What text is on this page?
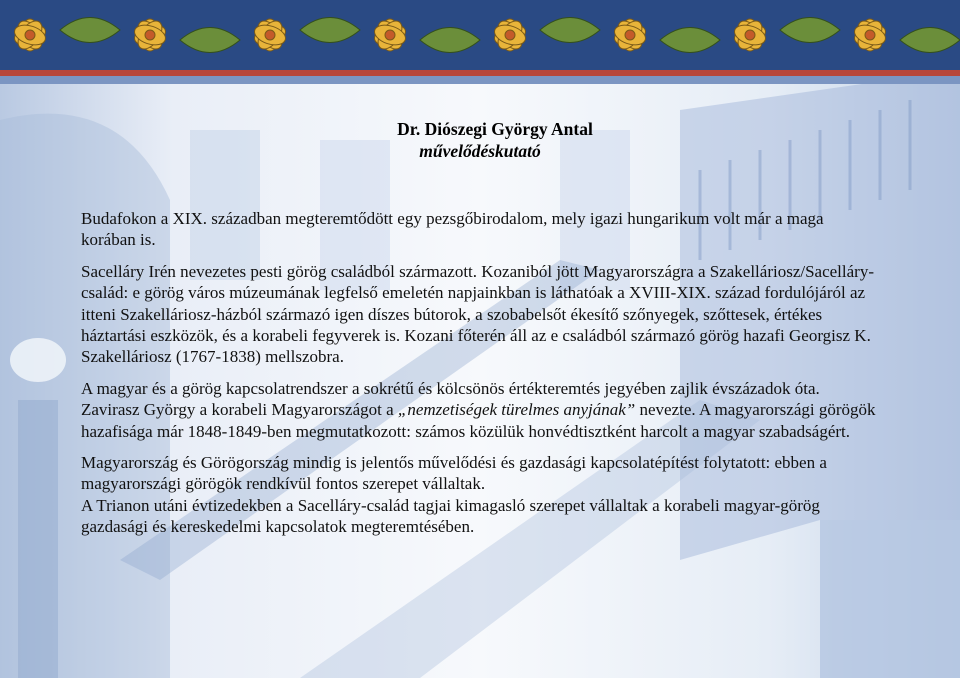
Dr. Diószegi György Antal
művelődéskutató

Budafokon a XIX. században megteremtődött egy pezsgőbirodalom, mely igazi hungarikum volt már a maga korában is.

Sacelláry Irén nevezetes pesti görög családból származott. Kozaniból jött Magyarországra a Szakelláriosz/Sacelláry-család: e görög város múzeumának legfelső emeletén napjainkban is láthatóak a XVIII-XIX. század fordulójáról az itteni Szakelláriosz-házból származó igen díszes bútorok, a szobabelsőt ékesítő szőnyegek, szőttesek, értékes háztartási eszközök, és a korabeli fegyverek is. Kozani főterén áll az e családból származó görög hazafi Georgisz K. Szakelláriosz (1767-1838) mellszobra.

A magyar és a görög kapcsolatrendszer a sokrétű és kölcsönös értékteremtés jegyében zajlik évszázadok óta. Zavirasz György a korabeli Magyarországot a „nemzetiségek türelmes anyjának” nevezte. A magyarországi görögök hazafisága már 1848-1849-ben megmutatkozott: számos közülük honvédtisztként harcolt a magyar szabadságért.

Magyarország és Görögország mindig is jelentős művelődési és gazdasági kapcsolatépítést folytatott: ebben a magyarországi görögök rendkívül fontos szerepet vállaltak.

A Trianon utáni évtizedekben a Sacelláry-család tagjai kimagasló szerepet vállaltak a korabeli magyar-görög gazdasági és kereskedelmi kapcsolatok megteremtésében.
